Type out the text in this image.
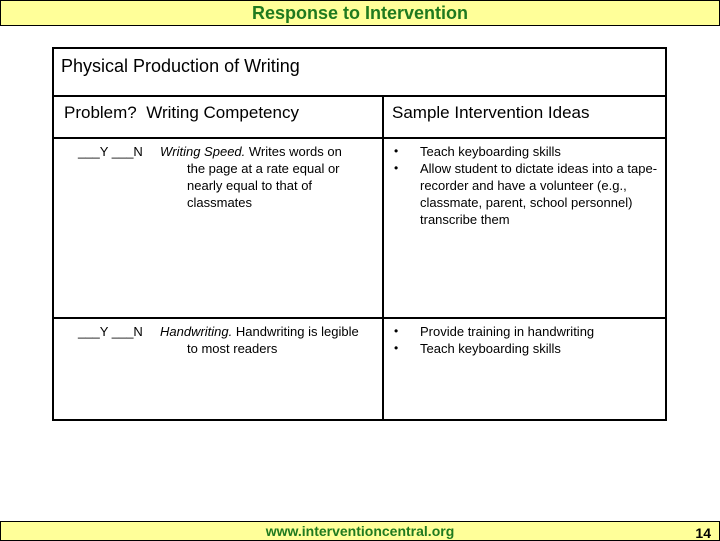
Response to Intervention
Physical Production of Writing
Problem? Writing Competency	Sample Intervention Ideas
___Y ___N Writing Speed. Writes words on
the page at a rate equal or nearly equal to that of classmates
• Teach keyboarding skills
• Allow student to dictate ideas into a tape-recorder and have a volunteer (e.g., classmate, parent, school personnel) transcribe them
___Y ___N Handwriting. Handwriting is legible
to most readers
• Provide training in handwriting
• Teach keyboarding skills
www.interventioncentral.org	14
